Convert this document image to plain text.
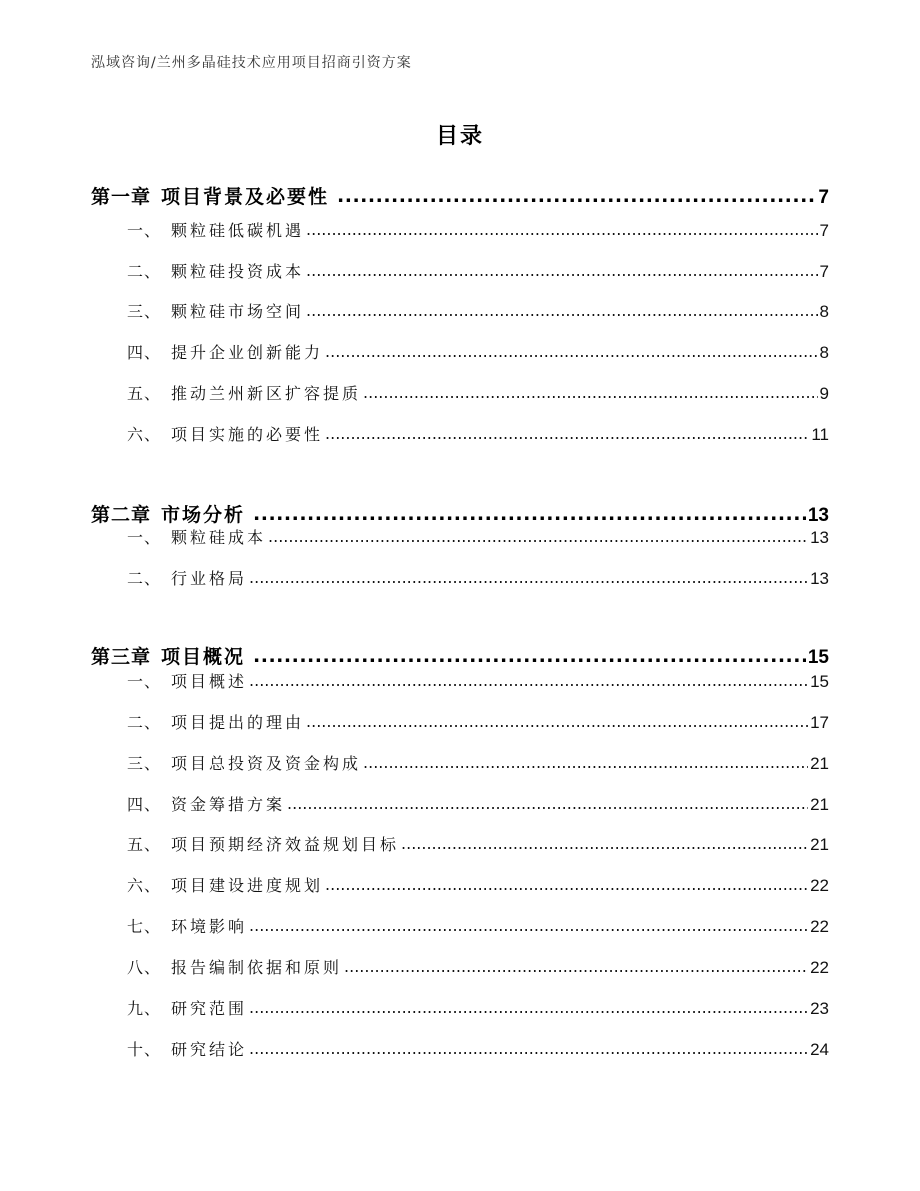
泓域咨询/兰州多晶硅技术应用项目招商引资方案
目录
第一章 项目背景及必要性 .....	7
一、 颗粒硅低碳机遇 .....	7
二、 颗粒硅投资成本 .....	7
三、 颗粒硅市场空间 .....	8
四、 提升企业创新能力 .....	8
五、 推动兰州新区扩容提质 .....	9
六、 项目实施的必要性 .....	11
第二章 市场分析 .....	13
一、 颗粒硅成本 .....	13
二、 行业格局 .....	13
第三章 项目概况 .....	15
一、 项目概述 .....	15
二、 项目提出的理由 .....	17
三、 项目总投资及资金构成 .....	21
四、 资金筹措方案 .....	21
五、 项目预期经济效益规划目标 .....	21
六、 项目建设进度规划 .....	22
七、 环境影响 .....	22
八、 报告编制依据和原则 .....	22
九、 研究范围 .....	23
十、 研究结论 .....	24
